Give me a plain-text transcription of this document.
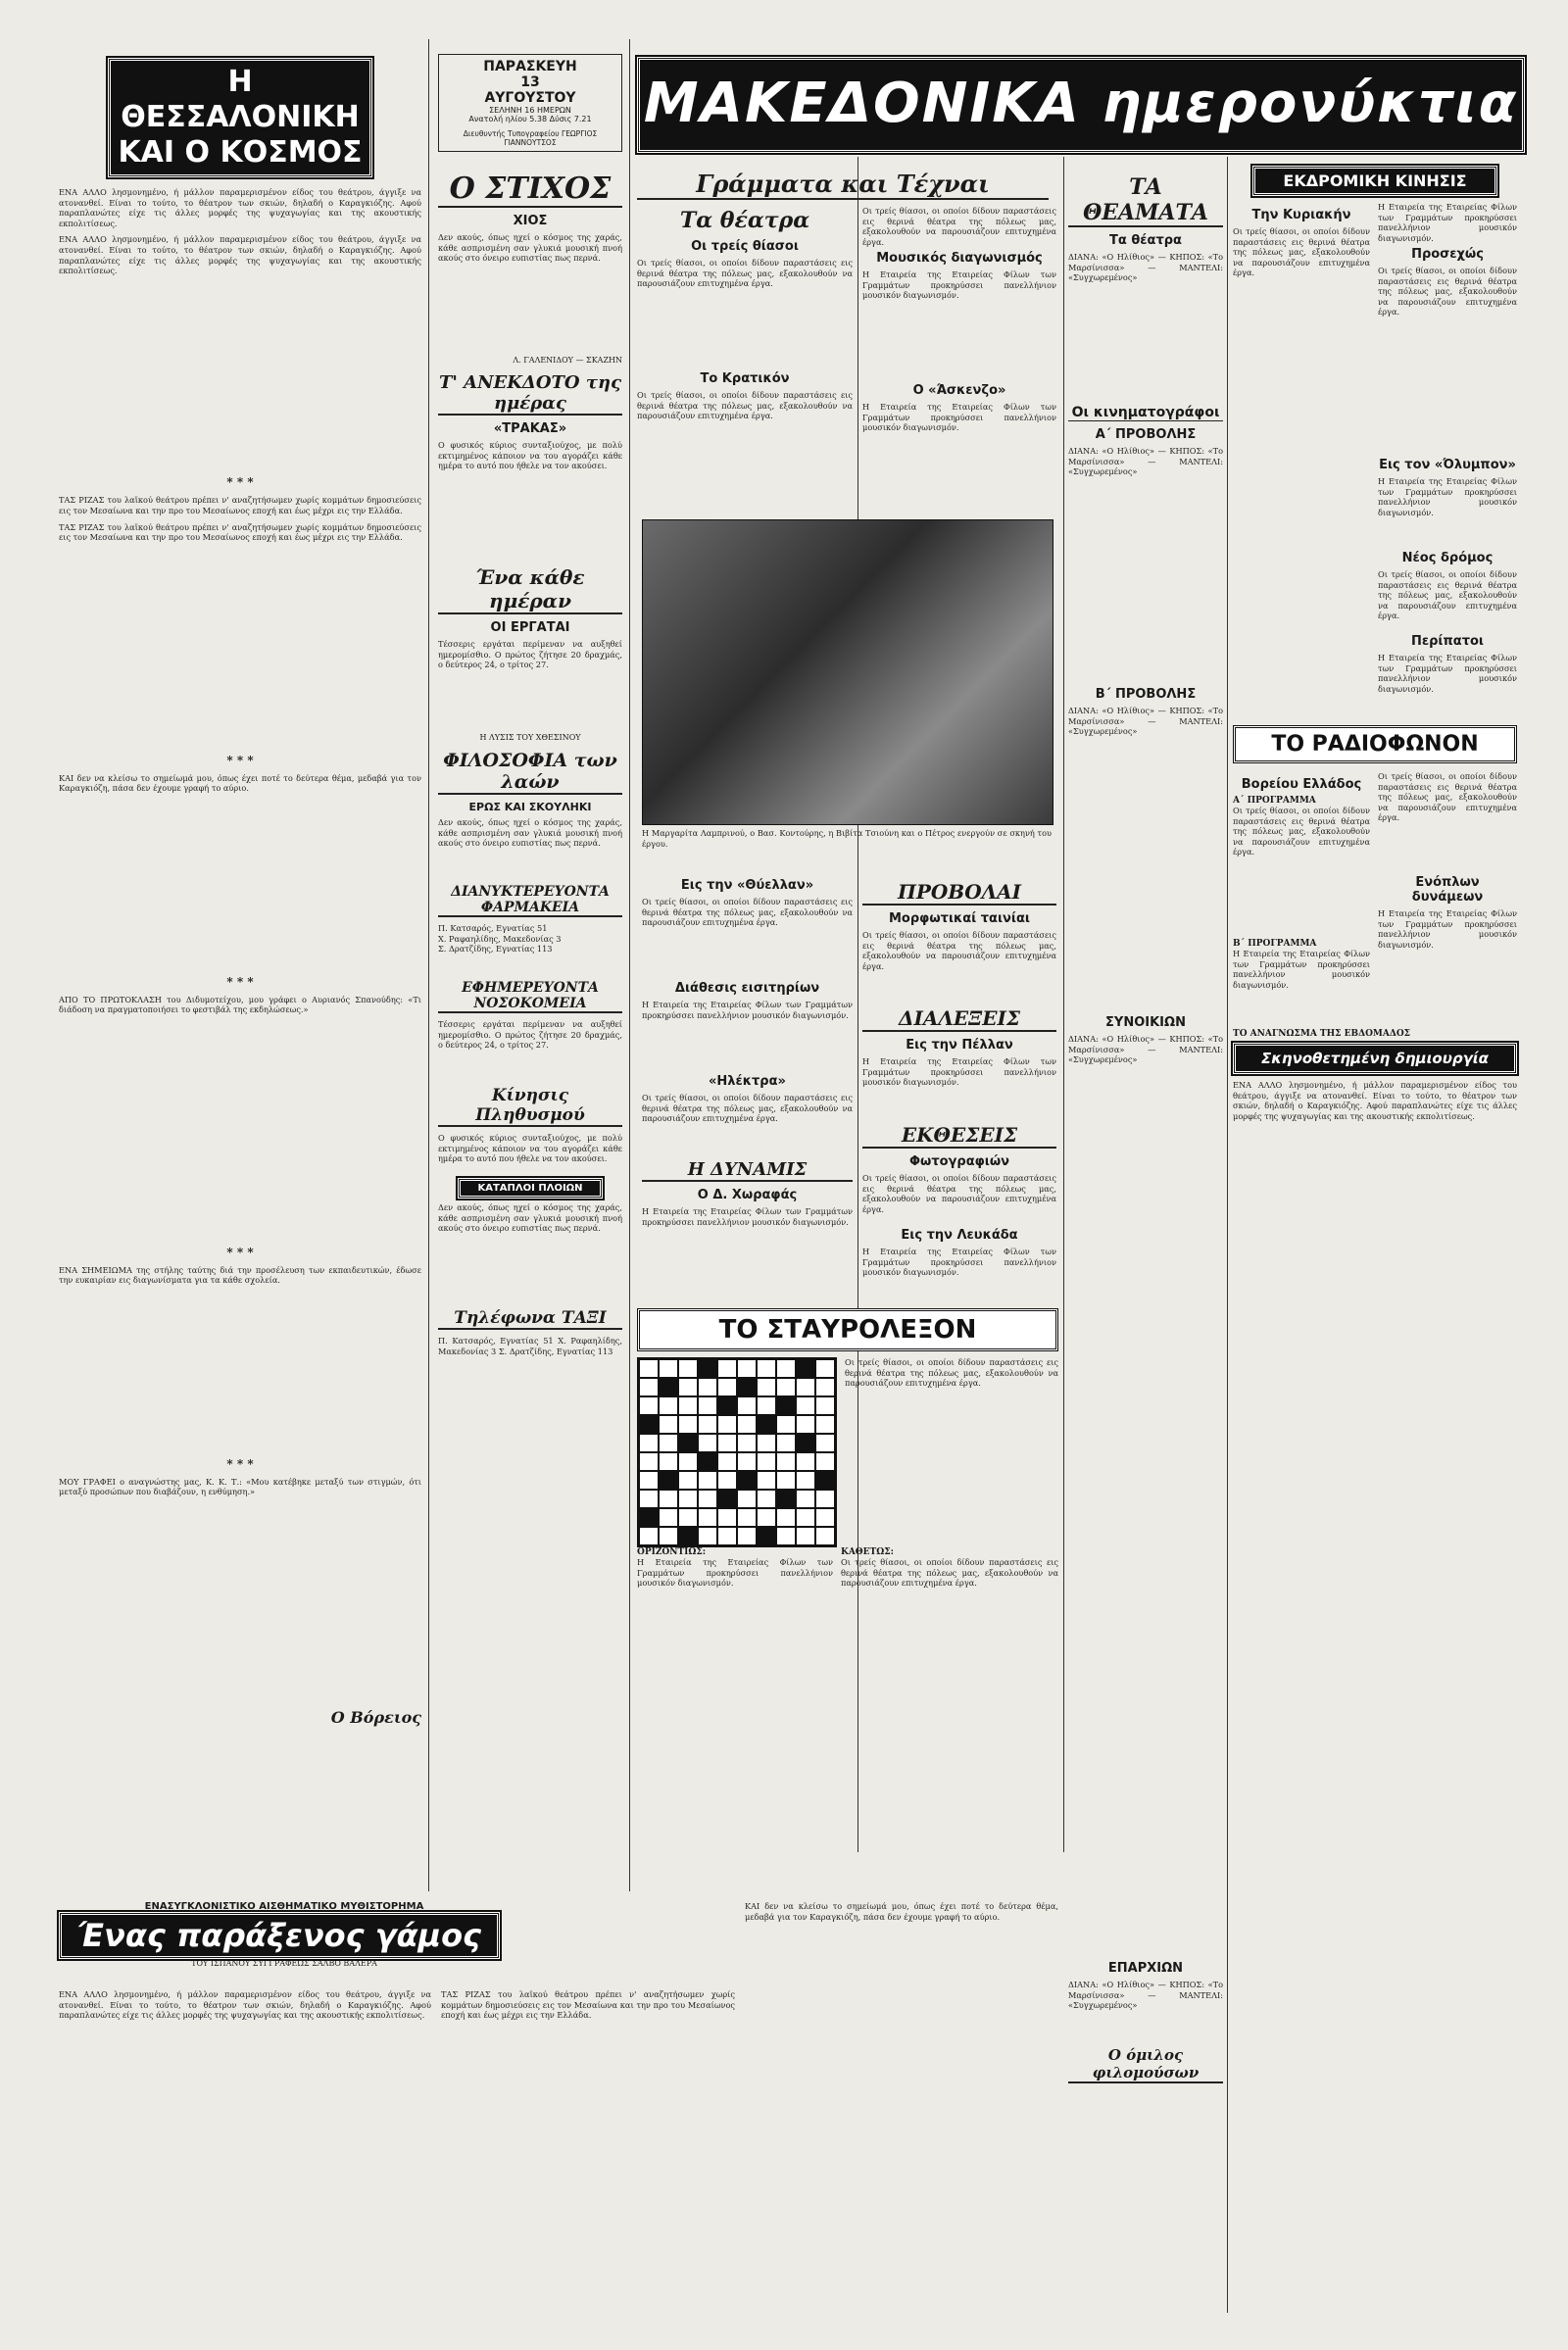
Η ΘΕΣΣΑΛΟΝΙΚΗ ΚΑΙ Ο ΚΟΣΜΟΣ

ΕΝΑ ΑΛΛΟ λησμονημένο, ή μάλλον παραμερισμένον είδος του θεάτρου, άγγιξε να ατονανθεί. Είναι το τούτο, το θέατρον των σκιών, δηλαδή ο Καραγκιόζης. Αφού παραπλανώτες είχε τις άλλες μορφές της ψυχαγωγίας και της ακουστικής εκπολιτίσεως.

ΕΝΑ ΑΛΛΟ λησμονημένο, ή μάλλον παραμερισμένον είδος του θεάτρου, άγγιξε να ατονανθεί. Είναι το τούτο, το θέατρον των σκιών, δηλαδή ο Καραγκιόζης. Αφού παραπλανώτες είχε τις άλλες μορφές της ψυχαγωγίας και της ακουστικής εκπολιτίσεως.

* * *

ΤΑΣ ΡΙΖΑΣ του λαϊκού θεάτρου πρέπει ν' αναζητήσωμεν χωρίς κομμάτων δημοσιεύσεις εις τον Μεσαίωνα και την προ του Μεσαίωνος εποχή και έως μέχρι εις την Ελλάδα.

ΤΑΣ ΡΙΖΑΣ του λαϊκού θεάτρου πρέπει ν' αναζητήσωμεν χωρίς κομμάτων δημοσιεύσεις εις τον Μεσαίωνα και την προ του Μεσαίωνος εποχή και έως μέχρι εις την Ελλάδα.

* * *

ΚΑΙ δεν να κλείσω το σημείωμά μου, όπως έχει ποτέ το δεύτερα θέμα, μεδαβά για τον Καραγκιόζη, πάσα δεν έχουμε γραφή το αύριο.

* * *

ΑΠΟ ΤΟ ΠΡΩΤΟΚΛΑΣΗ του Διδυμοτείχου, μου γράφει ο Αυριανός Σπανούδης: «Τι διάδοση να πραγματοποιήσει το φεστιβάλ της εκδηλώσεως.»

* * *

ΕΝΑ ΣΗΜΕΙΩΜΑ της στήλης ταύτης διά την προσέλευση των εκπαιδευτικών, έδωσε την ευκαιρίαν εις διαγωνίσματα για τα κάθε σχολεία.

* * *

ΜΟΥ ΓΡΑΦΕΙ ο αναγνώστης μας, Κ. Κ. Τ.: «Μου κατέβηκε μεταξύ των στιγμών, ότι μεταξύ προσώπων που διαβάζουν, η ενθύμηση.»

Ο Βόρειος
ΠΑΡΑΣΚΕΥΗ
13
ΑΥΓΟΥΣΤΟΥ
ΣΕΛΗΝΗ 16 ΗΜΕΡΩΝ
Ανατολή ηλίου 5.38 Δύσις 7.21
Διευθυντής Τυπογραφείου ΓΕΩΡΓΙΟΣ ΓΙΑΝΝΟΥΤΣΟΣ
Ο ΣΤΙΧΟΣ
ΧΙΟΣ

Δεν ακούς, όπως ηχεί ο κόσμος της χαράς, κάθε ασπρισμένη σαν γλυκιά μουσική πνοή ακούς στο όνειρο ευπιστίας πως περνά.

Λ. ΓΑΛΕΝΙΔΟΥ — ΣΚΑΖΗΝ
Τ' ΑΝΕΚΔΟΤΟ της ημέρας
«ΤΡΑΚΑΣ»

Ο φυσικός κύριος συνταξιούχος, με πολύ εκτιμημένος κάποιον να του αγοράζει κάθε ημέρα το αυτό που ήθελε να τον ακούσει.

Ένα κάθε ημέραν
ΟΙ ΕΡΓΑΤΑΙ

Τέσσερις εργάται περίμεναν να αυξηθεί ημερομίσθιο. Ο πρώτος ζήτησε 20 δραχμάς, ο δεύτερος 24, ο τρίτος 27.

Η ΛΥΣΙΣ ΤΟΥ ΧΘΕΣΙΝΟΥ
ΦΙΛΟΣΟΦΙΑ των λαών
ΕΡΩΣ ΚΑΙ ΣΚΟΥΛΗΚΙ

Δεν ακούς, όπως ηχεί ο κόσμος της χαράς, κάθε ασπρισμένη σαν γλυκιά μουσική πνοή ακούς στο όνειρο ευπιστίας πως περνά.

ΔΙΑΝΥΚΤΕΡΕΥΟΝΤΑ ΦΑΡΜΑΚΕΙΑ

Π. Κατσαρός, Εγνατίας 51
Χ. Ραφαηλίδης, Μακεδονίας 3
Σ. Δρατζίδης, Εγνατίας 113

ΕΦΗΜΕΡΕΥΟΝΤΑ ΝΟΣΟΚΟΜΕΙΑ

Τέσσερις εργάται περίμεναν να αυξηθεί ημερομίσθιο. Ο πρώτος ζήτησε 20 δραχμάς, ο δεύτερος 24, ο τρίτος 27.

Κίνησις Πληθυσμού

Ο φυσικός κύριος συνταξιούχος, με πολύ εκτιμημένος κάποιον να του αγοράζει κάθε ημέρα το αυτό που ήθελε να τον ακούσει.

ΚΑΤΑΠΛΟΙ ΠΛΟΙΩΝ

Δεν ακούς, όπως ηχεί ο κόσμος της χαράς, κάθε ασπρισμένη σαν γλυκιά μουσική πνοή ακούς στο όνειρο ευπιστίας πως περνά.

Τηλέφωνα ΤΑΞΙ

Π. Κατσαρός, Εγνατίας 51 Χ. Ραφαηλίδης, Μακεδονίας 3 Σ. Δρατζίδης, Εγνατίας 113

ΜΑΚΕΔΟΝΙΚΑ ημερονύκτια
Γράμματα και Τέχναι
Τα θέατρα
Οι τρείς θίασοι

Οι τρείς θίασοι, οι οποίοι δίδουν παραστάσεις εις θερινά θέατρα της πόλεως μας, εξακολουθούν να παρουσιάζουν επιτυχημένα έργα.

Το Κρατικόν

Οι τρείς θίασοι, οι οποίοι δίδουν παραστάσεις εις θερινά θέατρα της πόλεως μας, εξακολουθούν να παρουσιάζουν επιτυχημένα έργα.

Οι τρείς θίασοι, οι οποίοι δίδουν παραστάσεις εις θερινά θέατρα της πόλεως μας, εξακολουθούν να παρουσιάζουν επιτυχημένα έργα.

Μουσικός διαγωνισμός

Η Εταιρεία της Εταιρείας Φίλων των Γραμμάτων προκηρύσσει πανελλήνιον μουσικόν διαγωνισμόν.

Ο «Άσκενζο»

Η Εταιρεία της Εταιρείας Φίλων των Γραμμάτων προκηρύσσει πανελλήνιον μουσικόν διαγωνισμόν.

Η Μαργαρίτα Λαμπρινού, ο Βασ. Κοντούρης, η Βιβίτα Τσιούνη και ο Πέτρος ενεργούν σε σκηνή του έργου.

Εις την «Θύελλαν»

Οι τρείς θίασοι, οι οποίοι δίδουν παραστάσεις εις θερινά θέατρα της πόλεως μας, εξακολουθούν να παρουσιάζουν επιτυχημένα έργα.

Διάθεσις εισιτηρίων

Η Εταιρεία της Εταιρείας Φίλων των Γραμμάτων προκηρύσσει πανελλήνιον μουσικόν διαγωνισμόν.

«Ηλέκτρα»

Οι τρείς θίασοι, οι οποίοι δίδουν παραστάσεις εις θερινά θέατρα της πόλεως μας, εξακολουθούν να παρουσιάζουν επιτυχημένα έργα.

Η ΔΥΝΑΜΙΣ
Ο Δ. Χωραφάς

Η Εταιρεία της Εταιρείας Φίλων των Γραμμάτων προκηρύσσει πανελλήνιον μουσικόν διαγωνισμόν.

ΠΡΟΒΟΛΑΙ
Μορφωτικαί ταινίαι

Οι τρείς θίασοι, οι οποίοι δίδουν παραστάσεις εις θερινά θέατρα της πόλεως μας, εξακολουθούν να παρουσιάζουν επιτυχημένα έργα.

ΔΙΑΛΕΞΕΙΣ
Εις την Πέλλαν

Η Εταιρεία της Εταιρείας Φίλων των Γραμμάτων προκηρύσσει πανελλήνιον μουσικόν διαγωνισμόν.

ΕΚΘΕΣΕΙΣ
Φωτογραφιών

Οι τρείς θίασοι, οι οποίοι δίδουν παραστάσεις εις θερινά θέατρα της πόλεως μας, εξακολουθούν να παρουσιάζουν επιτυχημένα έργα.

Εις την Λευκάδα

Η Εταιρεία της Εταιρείας Φίλων των Γραμμάτων προκηρύσσει πανελλήνιον μουσικόν διαγωνισμόν.

ΤΟ ΣΤΑΥΡΟΛΕΞΟΝ

Οι τρείς θίασοι, οι οποίοι δίδουν παραστάσεις εις θερινά θέατρα της πόλεως μας, εξακολουθούν να παρουσιάζουν επιτυχημένα έργα.

ΟΡΙΖΟΝΤΙΩΣ:

Η Εταιρεία της Εταιρείας Φίλων των Γραμμάτων προκηρύσσει πανελλήνιον μουσικόν διαγωνισμόν.

ΚΑΘΕΤΩΣ:

Οι τρείς θίασοι, οι οποίοι δίδουν παραστάσεις εις θερινά θέατρα της πόλεως μας, εξακολουθούν να παρουσιάζουν επιτυχημένα έργα.

ΤΑ ΘΕΑΜΑΤΑ
Τα θέατρα

ΔΙΑΝΑ: «Ο Ηλίθιος» — ΚΗΠΟΣ: «Το Μαρσίνισσα» — ΜΑΝΤΕΛΙ: «Συγχωρεμένος»

Οι κινηματογράφοι
Α΄ ΠΡΟΒΟΛΗΣ

ΔΙΑΝΑ: «Ο Ηλίθιος» — ΚΗΠΟΣ: «Το Μαρσίνισσα» — ΜΑΝΤΕΛΙ: «Συγχωρεμένος»

Β΄ ΠΡΟΒΟΛΗΣ

ΔΙΑΝΑ: «Ο Ηλίθιος» — ΚΗΠΟΣ: «Το Μαρσίνισσα» — ΜΑΝΤΕΛΙ: «Συγχωρεμένος»

ΣΥΝΟΙΚΙΩΝ

ΔΙΑΝΑ: «Ο Ηλίθιος» — ΚΗΠΟΣ: «Το Μαρσίνισσα» — ΜΑΝΤΕΛΙ: «Συγχωρεμένος»

ΕΠΑΡΧΙΩΝ

ΔΙΑΝΑ: «Ο Ηλίθιος» — ΚΗΠΟΣ: «Το Μαρσίνισσα» — ΜΑΝΤΕΛΙ: «Συγχωρεμένος»

Ο όμιλος φιλομούσων
ΕΚΔΡΟΜΙΚΗ ΚΙΝΗΣΙΣ
Την Κυριακήν

Οι τρείς θίασοι, οι οποίοι δίδουν παραστάσεις εις θερινά θέατρα της πόλεως μας, εξακολουθούν να παρουσιάζουν επιτυχημένα έργα.

Η Εταιρεία της Εταιρείας Φίλων των Γραμμάτων προκηρύσσει πανελλήνιον μουσικόν διαγωνισμόν.

Προσεχώς

Οι τρείς θίασοι, οι οποίοι δίδουν παραστάσεις εις θερινά θέατρα της πόλεως μας, εξακολουθούν να παρουσιάζουν επιτυχημένα έργα.

Εις τον «Όλυμπον»

Η Εταιρεία της Εταιρείας Φίλων των Γραμμάτων προκηρύσσει πανελλήνιον μουσικόν διαγωνισμόν.

Νέος δρόμος

Οι τρείς θίασοι, οι οποίοι δίδουν παραστάσεις εις θερινά θέατρα της πόλεως μας, εξακολουθούν να παρουσιάζουν επιτυχημένα έργα.

Περίπατοι

Η Εταιρεία της Εταιρείας Φίλων των Γραμμάτων προκηρύσσει πανελλήνιον μουσικόν διαγωνισμόν.

ΤΟ ΡΑΔΙΟΦΩΝΟΝ
Βορείου Ελλάδος
Α΄ ΠΡΟΓΡΑΜΜΑ

Οι τρείς θίασοι, οι οποίοι δίδουν παραστάσεις εις θερινά θέατρα της πόλεως μας, εξακολουθούν να παρουσιάζουν επιτυχημένα έργα.

Β΄ ΠΡΟΓΡΑΜΜΑ

Η Εταιρεία της Εταιρείας Φίλων των Γραμμάτων προκηρύσσει πανελλήνιον μουσικόν διαγωνισμόν.

Οι τρείς θίασοι, οι οποίοι δίδουν παραστάσεις εις θερινά θέατρα της πόλεως μας, εξακολουθούν να παρουσιάζουν επιτυχημένα έργα.

Ενόπλων δυνάμεων

Η Εταιρεία της Εταιρείας Φίλων των Γραμμάτων προκηρύσσει πανελλήνιον μουσικόν διαγωνισμόν.

ΤΟ ΑΝΑΓΝΩΣΜΑ ΤΗΣ ΕΒΔΟΜΑΔΟΣ
Σκηνοθετημένη δημιουργία

ΕΝΑ ΑΛΛΟ λησμονημένο, ή μάλλον παραμερισμένον είδος του θεάτρου, άγγιξε να ατονανθεί. Είναι το τούτο, το θέατρον των σκιών, δηλαδή ο Καραγκιόζης. Αφού παραπλανώτες είχε τις άλλες μορφές της ψυχαγωγίας και της ακουστικής εκπολιτίσεως.

ΕΝΑΣΥΓΚΛΟΝΙΣΤΙΚΟ ΑΙΣΘΗΜΑΤΙΚΟ ΜΥΘΙΣΤΟΡΗΜΑ
Ένας παράξενος γάμος
ΤΟΥ ΙΣΠΑΝΟΥ ΣΥΓΓΡΑΦΕΩΣ ΣΑΛΒΟ ΒΑΛΕΡΑ

ΕΝΑ ΑΛΛΟ λησμονημένο, ή μάλλον παραμερισμένον είδος του θεάτρου, άγγιξε να ατονανθεί. Είναι το τούτο, το θέατρον των σκιών, δηλαδή ο Καραγκιόζης. Αφού παραπλανώτες είχε τις άλλες μορφές της ψυχαγωγίας και της ακουστικής εκπολιτίσεως.

ΤΑΣ ΡΙΖΑΣ του λαϊκού θεάτρου πρέπει ν' αναζητήσωμεν χωρίς κομμάτων δημοσιεύσεις εις τον Μεσαίωνα και την προ του Μεσαίωνος εποχή και έως μέχρι εις την Ελλάδα.

ΚΑΙ δεν να κλείσω το σημείωμά μου, όπως έχει ποτέ το δεύτερα θέμα, μεδαβά για τον Καραγκιόζη, πάσα δεν έχουμε γραφή το αύριο.
